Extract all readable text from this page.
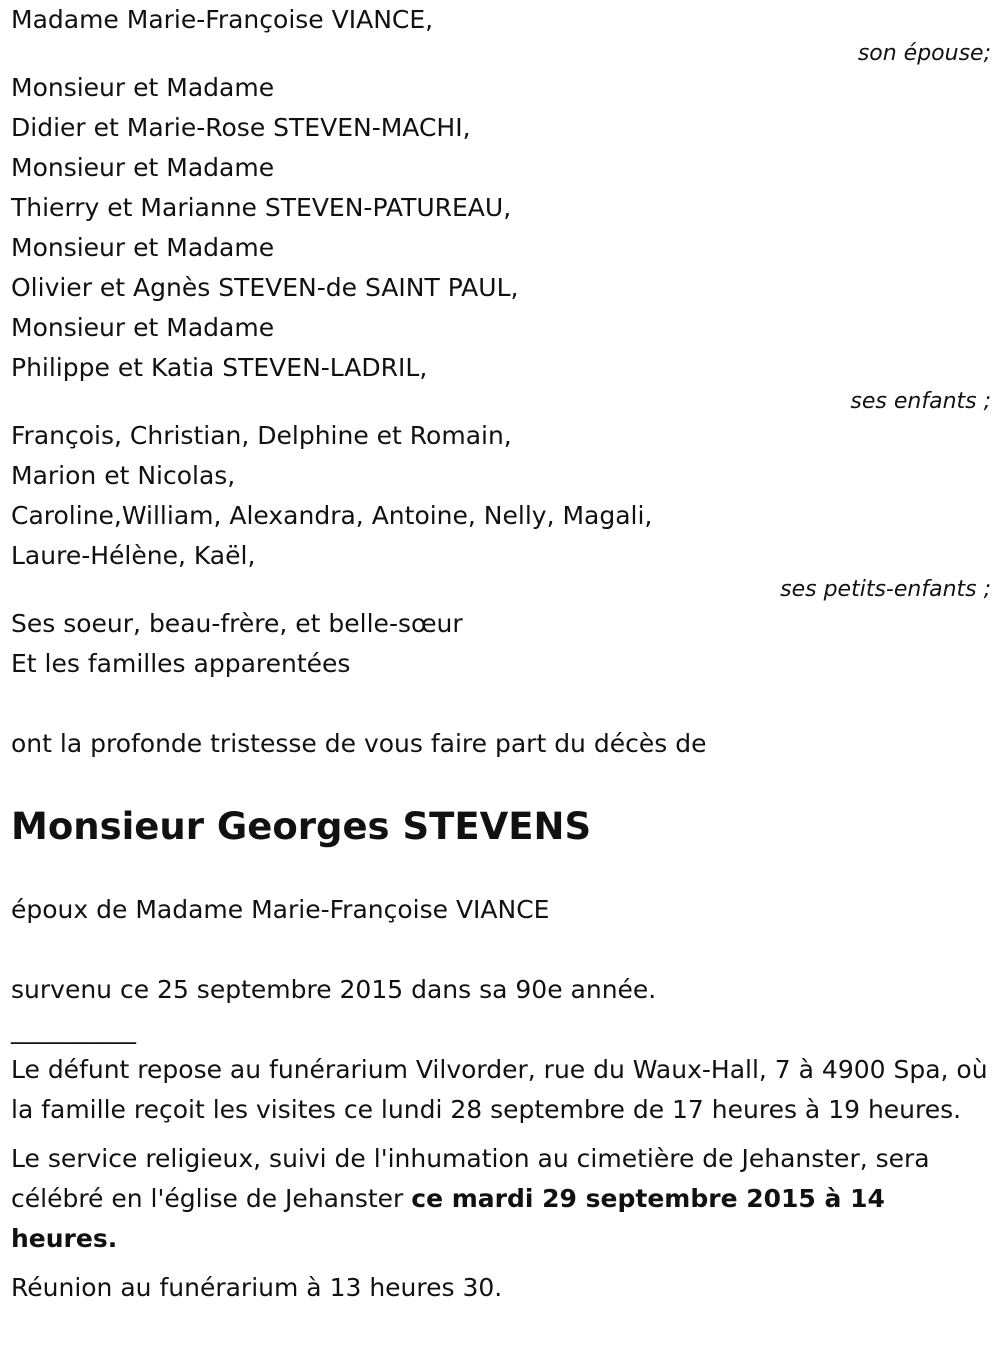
Madame Marie-Françoise VIANCE,
son épouse;
Monsieur et Madame
Didier et Marie-Rose STEVEN-MACHI,
Monsieur et Madame
Thierry et Marianne STEVEN-PATUREAU,
Monsieur et Madame
Olivier et Agnès STEVEN-de SAINT PAUL,
Monsieur et Madame
Philippe et Katia STEVEN-LADRIL,
ses enfants ;
François, Christian, Delphine et Romain,
Marion et Nicolas,
Caroline,William, Alexandra, Antoine, Nelly, Magali,
Laure-Hélène, Kaël,
ses petits-enfants ;
Ses soeur, beau-frère, et belle-sœur
Et les familles apparentées
ont la profonde tristesse de vous faire part du décès de
Monsieur Georges STEVENS
époux de Madame Marie-Françoise VIANCE
survenu ce 25 septembre 2015 dans sa 90e année.
__________

Le défunt repose au funérarium Vilvorder, rue du Waux-Hall, 7 à 4900 Spa, où la famille reçoit les visites ce lundi 28 septembre de 17 heures à 19 heures.

Le service religieux, suivi de l'inhumation au cimetière de Jehanster, sera célébré en l'église de Jehanster ce mardi 29 septembre 2015 à 14 heures.

Réunion au funérarium à 13 heures 30.
